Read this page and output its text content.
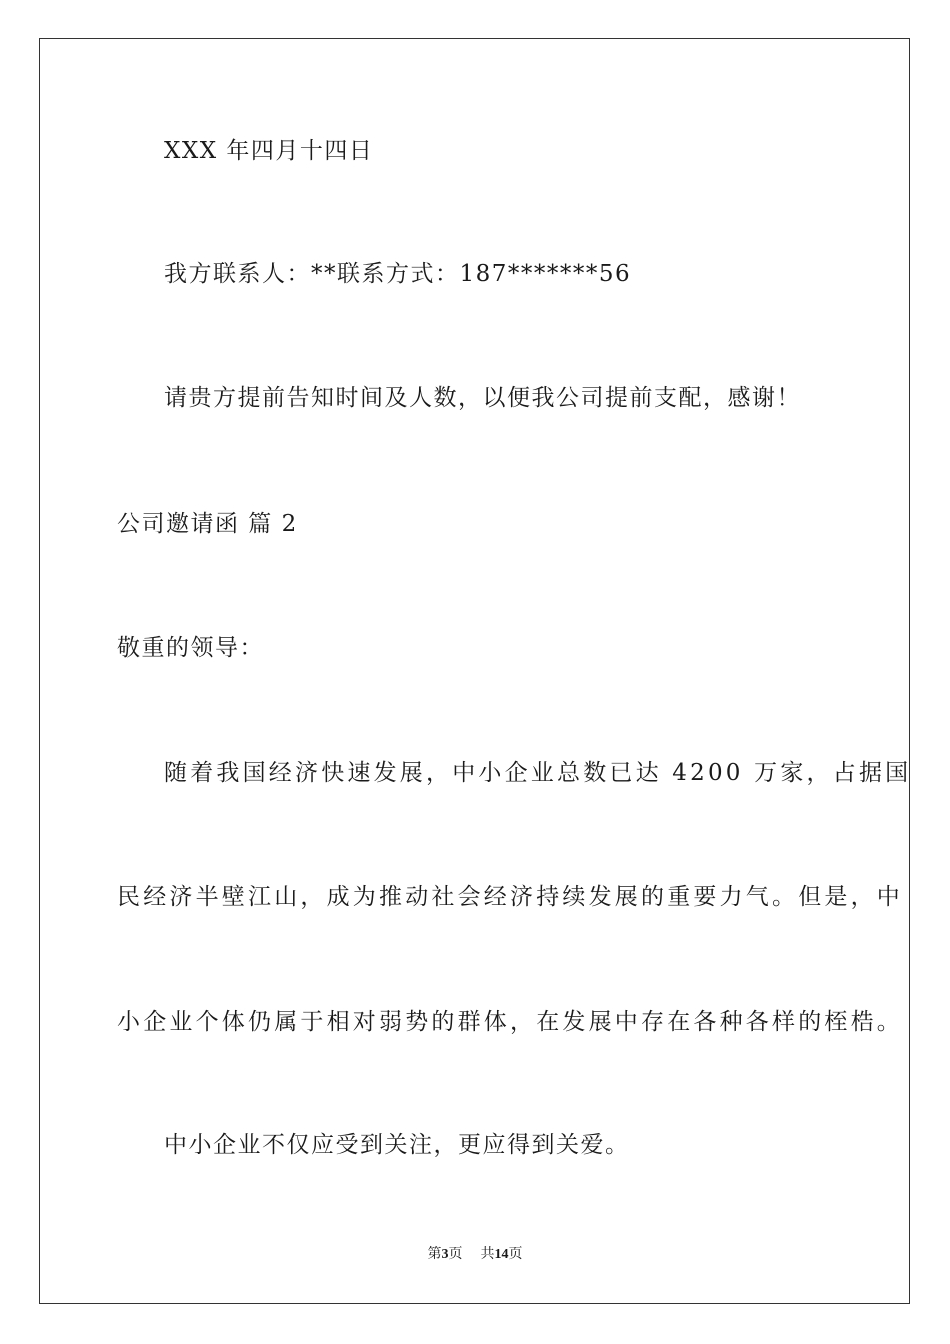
XXX 年四月十四日
我方联系人：**联系方式：187*******56
请贵方提前告知时间及人数，以便我公司提前支配，感谢！
公司邀请函 篇 2
敬重的领导：
随着我国经济快速发展，中小企业总数已达 4200 万家，占据国
民经济半壁江山，成为推动社会经济持续发展的重要力气。但是，中
小企业个体仍属于相对弱势的群体，在发展中存在各种各样的桎梏。
中小企业不仅应受到关注，更应得到关爱。
第3页 共14页
